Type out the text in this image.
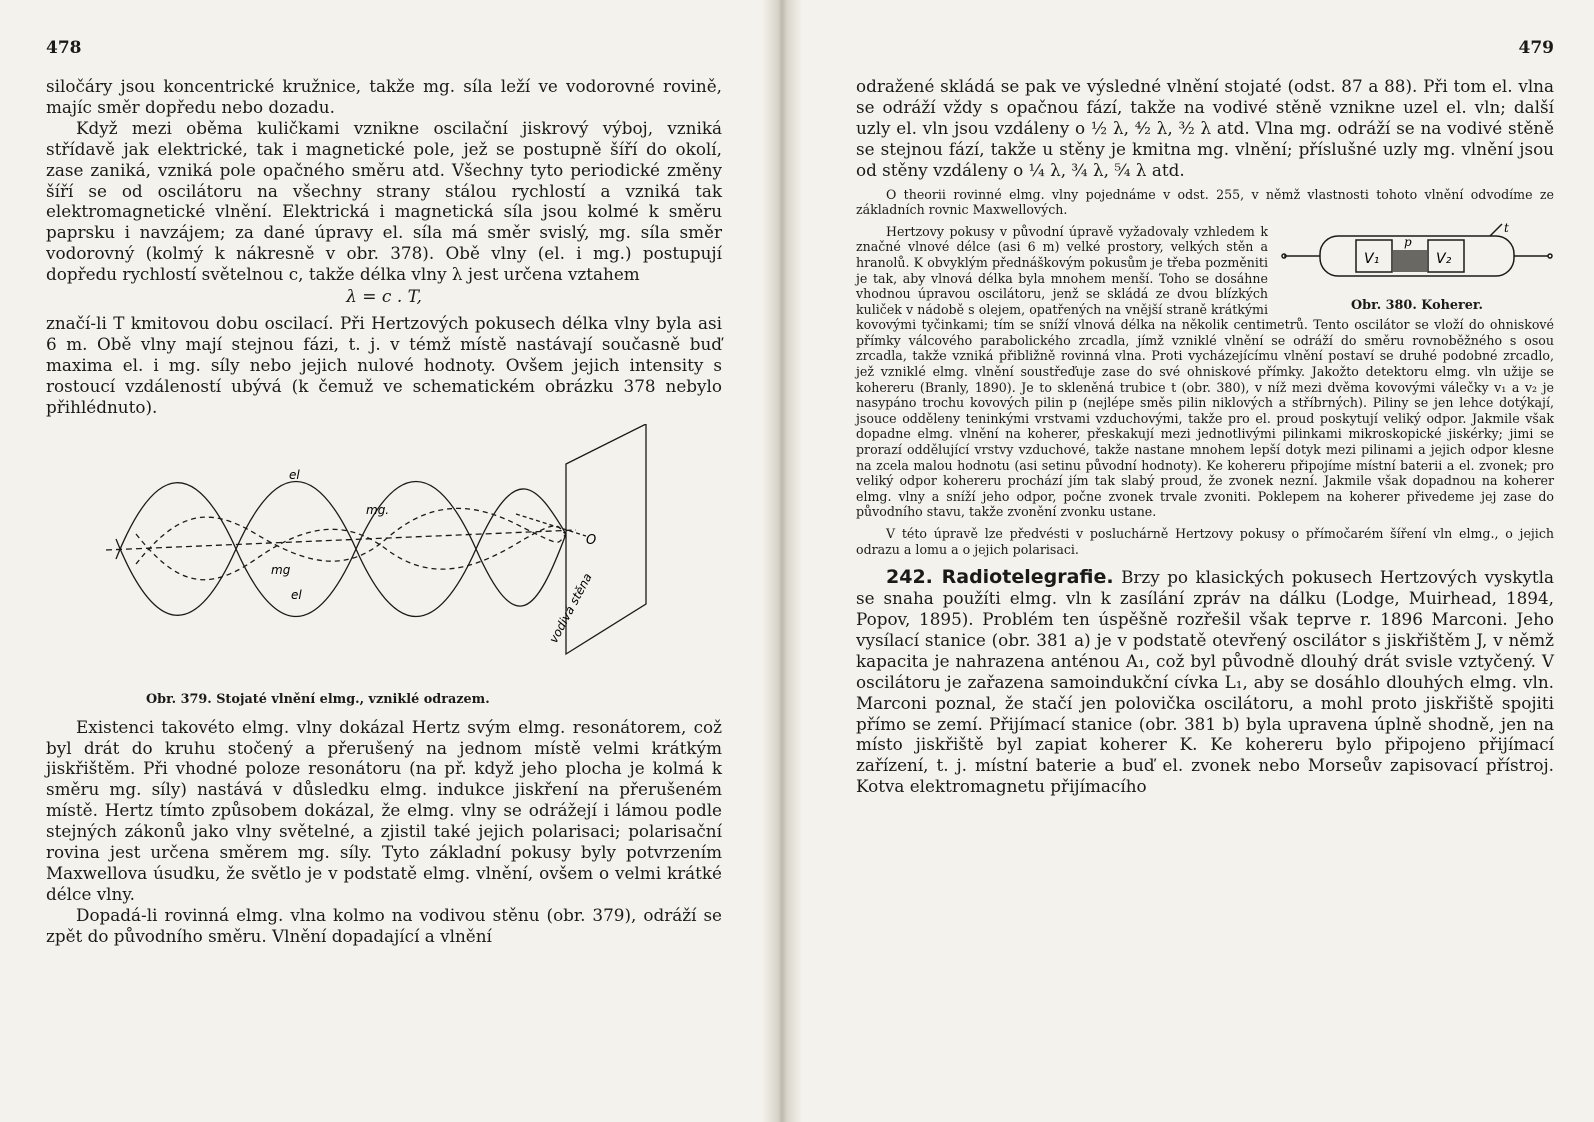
478

siločáry jsou koncentrické kružnice, takže mg. síla leží ve vodorovné rovině, majíc směr dopředu nebo dozadu.

Když mezi oběma kuličkami vznikne oscilační jiskrový výboj, vzniká střídavě jak elektrické, tak i magnetické pole, jež se postupně šíří do okolí, zase zaniká, vzniká pole opačného směru atd. Všechny tyto periodické změny šíří se od oscilátoru na všechny strany stálou rychlostí a vzniká tak elektromagnetické vlnění. Elektrická i magnetická síla jsou kolmé k směru paprsku i navzájem; za dané úpravy el. síla má směr svislý, mg. síla směr vodorovný (kolmý k nákresně v obr. 378). Obě vlny (el. i mg.) postupují dopředu rychlostí světelnou c, takže délka vlny λ jest určena vztahem

λ = c . T,

značí-li T kmitovou dobu oscilací. Při Hertzových pokusech délka vlny byla asi 6 m. Obě vlny mají stejnou fázi, t. j. v témž místě nastávají současně buď maxima el. i mg. síly nebo jejich nulové hodnoty. Ovšem jejich intensity s rostoucí vzdáleností ubývá (k čemuž ve schematickém obrázku 378 nebylo přihlédnuto).

el
mg.
mg
el
O
vodivá stěna
Obr. 379. Stojaté vlnění elmg., vzniklé odrazem.

Existenci takovéto elmg. vlny dokázal Hertz svým elmg. resonátorem, což byl drát do kruhu stočený a přerušený na jednom místě velmi krátkým jiskřištěm. Při vhodné poloze resonátoru (na př. když jeho plocha je kolmá k směru mg. síly) nastává v důsledku elmg. indukce jiskření na přerušeném místě. Hertz tímto způsobem dokázal, že elmg. vlny se odrážejí i lámou podle stejných zákonů jako vlny světelné, a zjistil také jejich polarisaci; polarisační rovina jest určena směrem mg. síly. Tyto základní pokusy byly potvrzením Maxwellova úsudku, že světlo je v podstatě elmg. vlnění, ovšem o velmi krátké délce vlny.

Dopadá-li rovinná elmg. vlna kolmo na vodivou stěnu (obr. 379), odráží se zpět do původního směru. Vlnění dopadající a vlnění

479

odražené skládá se pak ve výsledné vlnění stojaté (odst. 87 a 88). Při tom el. vlna se odráží vždy s opačnou fází, takže na vodivé stěně vznikne uzel el. vln; další uzly el. vln jsou vzdáleny o ½ λ, ⁴⁄₂ λ, ³⁄₂ λ atd. Vlna mg. odráží se na vodivé stěně se stejnou fází, takže u stěny je kmitna mg. vlnění; příslušné uzly mg. vlnění jsou od stěny vzdáleny o ¼ λ, ¾ λ, ⁵⁄₄ λ atd.

O theorii rovinné elmg. vlny pojednáme v odst. 255, v němž vlastnosti tohoto vlnění odvodíme ze základních rovnic Maxwellových.

t
V₁
p
V₂
Obr. 380. Koherer.

Hertzovy pokusy v původní úpravě vyžadovaly vzhledem k značné vlnové délce (asi 6 m) velké prostory, velkých stěn a hranolů. K obvyklým přednáškovým pokusům je třeba pozměniti je tak, aby vlnová délka byla mnohem menší. Toho se dosáhne vhodnou úpravou oscilátoru, jenž se skládá ze dvou blízkých kuliček v nádobě s olejem, opatřených na vnější straně krátkými kovovými tyčinkami; tím se sníží vlnová délka na několik centimetrů. Tento oscilátor se vloží do ohniskové přímky válcového parabolického zrcadla, jímž vzniklé vlnění se odráží do směru rovnoběžného s osou zrcadla, takže vzniká přibližně rovinná vlna. Proti vycházejícímu vlnění postaví se druhé podobné zrcadlo, jež vzniklé elmg. vlnění soustřeďuje zase do své ohniskové přímky. Jakožto detektoru elmg. vln užije se kohereru (Branly, 1890). Je to skleněná trubice t (obr. 380), v níž mezi dvěma kovovými válečky v₁ a v₂ je nasypáno trochu kovových pilin p (nejlépe směs pilin niklových a stříbrných). Piliny se jen lehce dotýkají, jsouce odděleny teninkými vrstvami vzduchovými, takže pro el. proud poskytují veliký odpor. Jakmile však dopadne elmg. vlnění na koherer, přeskakují mezi jednotlivými pilinkami mikroskopické jiskérky; jimi se prorazí oddělující vrstvy vzduchové, takže nastane mnohem lepší dotyk mezi pilinami a jejich odpor klesne na zcela malou hodnotu (asi setinu původní hodnoty). Ke kohereru připojíme místní baterii a el. zvonek; pro veliký odpor kohereru prochází jím tak slabý proud, že zvonek nezní. Jakmile však dopadnou na koherer elmg. vlny a sníží jeho odpor, počne zvonek trvale zvoniti. Poklepem na koherer přivedeme jej zase do původního stavu, takže zvonění zvonku ustane.

V této úpravě lze předvésti v posluchárně Hertzovy pokusy o přímočarém šíření vln elmg., o jejich odrazu a lomu a o jejich polarisaci.

242. Radiotelegrafie. Brzy po klasických pokusech Hertzových vyskytla se snaha použíti elmg. vln k zasílání zpráv na dálku (Lodge, Muirhead, 1894, Popov, 1895). Problém ten úspěšně rozřešil však teprve r. 1896 Marconi. Jeho vysílací stanice (obr. 381 a) je v podstatě otevřený oscilátor s jiskřištěm J, v němž kapacita je nahrazena anténou A₁, což byl původně dlouhý drát svisle vztyčený. V oscilátoru je zařazena samoindukční cívka L₁, aby se dosáhlo dlouhých elmg. vln. Marconi poznal, že stačí jen polovička oscilátoru, a mohl proto jiskřiště spojiti přímo se zemí. Přijímací stanice (obr. 381 b) byla upravena úplně shodně, jen na místo jiskřiště byl zapiat koherer K. Ke kohereru bylo připojeno přijímací zařízení, t. j. místní baterie a buď el. zvonek nebo Morseův zapisovací přístroj. Kotva elektromagnetu přijímacího
